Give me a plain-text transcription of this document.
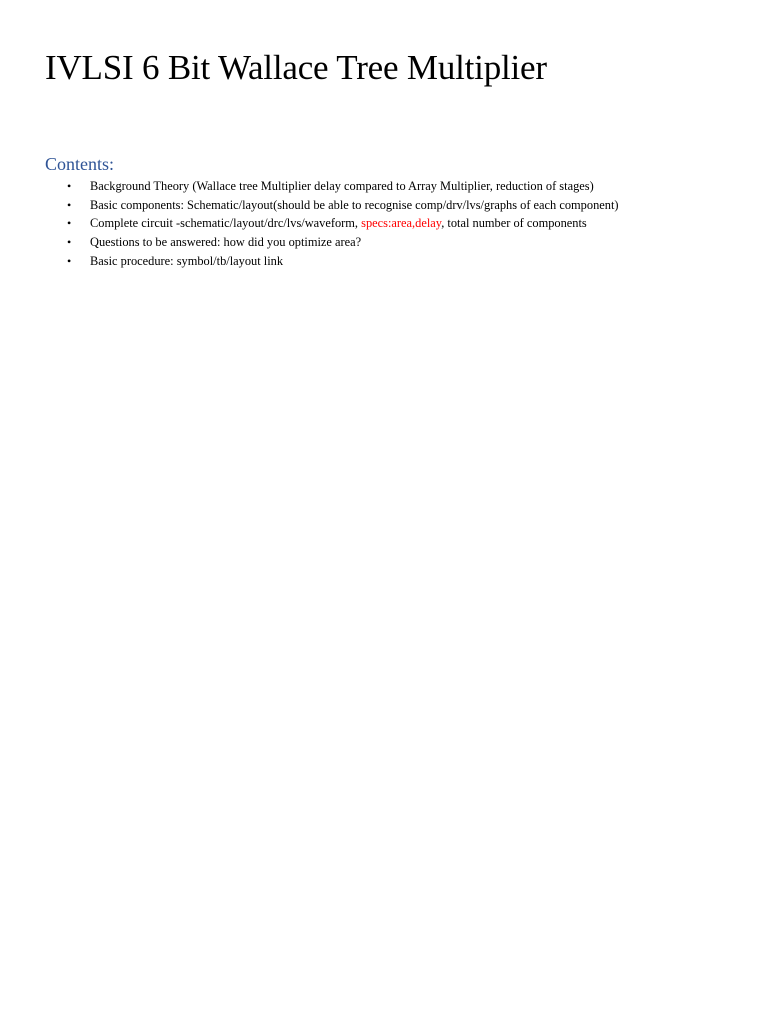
IVLSI 6 Bit Wallace Tree Multiplier
Contents:
• Background Theory (Wallace tree Multiplier delay compared to Array Multiplier, reduction of stages)
• Basic components: Schematic/layout(should be able to recognise comp/drv/lvs/graphs of each component)
• Complete circuit -schematic/layout/drc/lvs/waveform, specs:area,delay, total number of components
• Questions to be answered: how did you optimize area?
• Basic procedure: symbol/tb/layout link
